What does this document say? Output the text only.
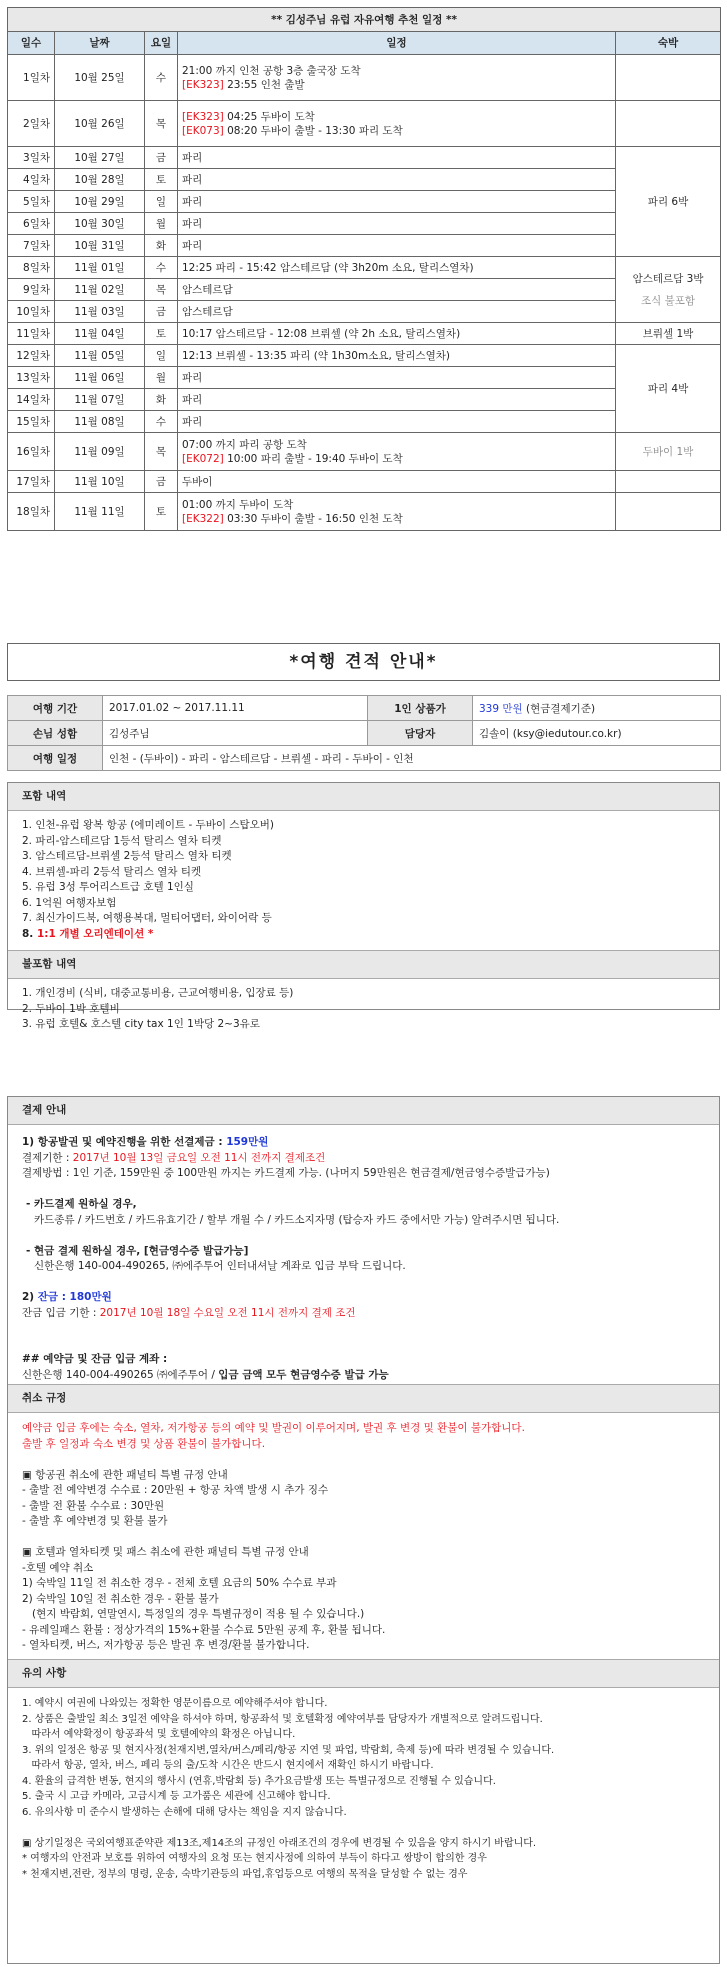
** 김성주님 유럽 자유여행 추천 일정 **				
일수	날짜	요일	일정	숙박
1일차	10월 25일	수	21:00 까지 인천 공항 3층 출국장 도착
[EK323] 23:55 인천 출발	

2일차	10월 26일	목	[EK323] 04:25 두바이 도착
[EK073] 08:20 두바이 출발 - 13:30 파리 도착	

3일차	10월 27일	금	파리	파리 6박

4일차	10월 28일	토	파리	

5일차	10월 29일	일	파리	

6일차	10월 30일	월	파리	

7일차	10월 31일	화	파리	

8일차	11월 01일	수	12:25 파리 - 15:42 암스테르담 (약 3h20m 소요, 탈리스열차)	암스테르담 3박
조식 불포함

9일차	11월 02일	목	암스테르담	

10일차	11월 03일	금	암스테르담	

11일차	11월 04일	토	10:17 암스테르담 - 12:08 브뤼셀 (약 2h 소요, 탈리스열차)	브뤼셀 1박

12일차	11월 05일	일	12:13 브뤼셀 - 13:35 파리 (약 1h30m소요, 탈리스열차)	파리 4박

13일차	11월 06일	월	파리	

14일차	11월 07일	화	파리	

15일차	11월 08일	수	파리	

16일차	11월 09일	목	07:00 까지 파리 공항 도착
[EK072] 10:00 파리 출발 - 19:40 두바이 도착	두바이 1박

17일차	11월 10일	금	두바이	

18일차	11월 11일	토	01:00 까지 두바이 도착
[EK322] 03:30 두바이 출발 - 16:50 인천 도착	

*여행 견적 안내*
여행 기간	2017.01.02 ~ 2017.11.11	1인 상품가	339 만원 (현금결제기준)
손님 성함	김성주님	담당자	김솔이 (ksy@iedutour.co.kr)
여행 일정	인천 - (두바이) - 파리 - 암스테르담 - 브뤼셀 - 파리 - 두바이 - 인천		
포함 내역

1. 인천-유럽 왕복 항공 (에미레이트 - 두바이 스탑오버)

2. 파리-암스테르담 1등석 탈리스 열차 티켓

3. 암스테르담-브뤼셀 2등석 탈리스 열차 티켓

4. 브뤼셀-파리 2등석 탈리스 열차 티켓

5. 유럽 3성 투어리스트급 호텔 1인실

6. 1억원 여행자보험

7. 최신가이드북, 여행용복대, 멀티어댑터, 와이어락 등

8. 1:1 개별 오리엔테이션 *

불포함 내역

1. 개인경비 (식비, 대중교통비용, 근교여행비용, 입장료 등)

2. 두바이 1박 호텔비

3. 유럽 호텔& 호스텔 city tax 1인 1박당 2~3유로

결제 안내

1) 항공발권 및 예약진행을 위한 선결제금 : 159만원

결제기한 : 2017년 10월 13일 금요일 오전 11시 전까지 결제조건

결제방법 : 1인 기준, 159만원 중 100만원 까지는 카드결제 가능. (나머지 59만원은 현금결제/현금영수증발급가능)

- 카드결제 원하실 경우,

카드종류 / 카드번호 / 카드유효기간 / 할부 개월 수 / 카드소지자명 (탑승자 카드 중에서만 가능) 알려주시면 됩니다.

- 현금 결제 원하실 경우, [현금영수증 발급가능]

신한은행 140-004-490265, ㈜에주투어 인터내셔날 계좌로 입금 부탁 드립니다.

2) 잔금 : 180만원

잔금 입금 기한 : 2017년 10월 18일 수요일 오전 11시 전까지 결제 조건

## 예약금 및 잔금 입금 계좌 :

신한은행 140-004-490265 ㈜에주투어 / 입금 금액 모두 현금영수증 발급 가능

취소 규정

예약금 입금 후에는 숙소, 열차, 저가항공 등의 예약 및 발권이 이루어지며, 발권 후 변경 및 환불이 불가합니다.

출발 후 일정과 숙소 변경 및 상품 환불이 불가합니다.

▣ 항공권 취소에 관한 패널티 특별 규정 안내

- 출발 전 예약변경 수수료 : 20만원 + 항공 차액 발생 시 추가 징수

- 출발 전 환불 수수료 : 30만원

- 출발 후 예약변경 및 환불 불가

▣ 호텔과 열차티켓 및 패스 취소에 관한 패널티 특별 규정 안내

-호텔 예약 취소

1) 숙박일 11일 전 취소한 경우 - 전체 호텔 요금의 50% 수수료 부과

2) 숙박일 10일 전 취소한 경우 - 환불 불가

(현지 박람회, 연말연시, 특정일의 경우 특별규정이 적용 될 수 있습니다.)

- 유레일패스 환불 : 정상가격의 15%+환불 수수료 5만원 공제 후, 환불 됩니다.

- 열차티켓, 버스, 저가항공 등은 발권 후 변경/환불 불가합니다.

유의 사항

1. 예약시 여권에 나와있는 정확한 영문이름으로 예약해주셔야 합니다.

2. 상품은 출발일 최소 3일전 예약을 하셔야 하며, 항공좌석 및 호텔확정 예약여부를 담당자가 개별적으로 알려드립니다.

따라서 예약확정이 항공좌석 및 호텔예약의 확정은 아닙니다.

3. 위의 일정은 항공 및 현지사정(천재지변,열차/버스/페리/항공 지연 및 파업, 박람회, 축제 등)에 따라 변경될 수 있습니다.

따라서 항공, 열차, 버스, 페리 등의 출/도착 시간은 반드시 현지에서 재확인 하시기 바랍니다.

4. 환율의 급격한 변동, 현지의 행사시 (연휴,박람회 등) 추가요금발생 또는 특별규정으로 진행될 수 있습니다.

5. 출국 시 고급 카메라, 고급시계 등 고가품은 세관에 신고해야 합니다.

6. 유의사항 미 준수시 발생하는 손해에 대해 당사는 책임을 지지 않습니다.

▣ 상기일정은 국외여행표준약관 제13조,제14조의 규정인 아래조건의 경우에 변경될 수 있음을 양지 하시기 바랍니다.

* 여행자의 안전과 보호를 위하여 여행자의 요청 또는 현지사정에 의하여 부득이 하다고 쌍방이 합의한 경우

* 천재지변,전란, 정부의 명령, 운송, 숙박기관등의 파업,휴업등으로 여행의 목적을 달성할 수 없는 경우
